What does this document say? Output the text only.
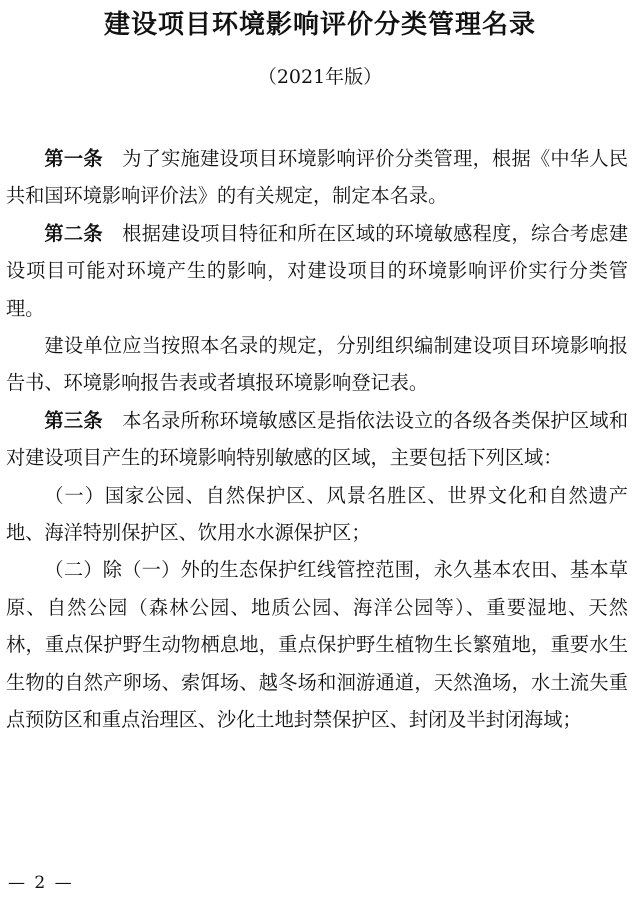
建设项目环境影响评价分类管理名录
（2021年版）

第一条 为了实施建设项目环境影响评价分类管理，根据《中华人民共和国环境影响评价法》的有关规定，制定本名录。

第二条 根据建设项目特征和所在区域的环境敏感程度，综合考虑建设项目可能对环境产生的影响，对建设项目的环境影响评价实行分类管理。

建设单位应当按照本名录的规定，分别组织编制建设项目环境影响报告书、环境影响报告表或者填报环境影响登记表。

第三条 本名录所称环境敏感区是指依法设立的各级各类保护区域和对建设项目产生的环境影响特别敏感的区域，主要包括下列区域：

（一）国家公园、自然保护区、风景名胜区、世界文化和自然遗产地、海洋特别保护区、饮用水水源保护区；

（二）除（一）外的生态保护红线管控范围，永久基本农田、基本草原、自然公园（森林公园、地质公园、海洋公园等）、重要湿地、天然林，重点保护野生动物栖息地，重点保护野生植物生长繁殖地，重要水生生物的自然产卵场、索饵场、越冬场和洄游通道，天然渔场，水土流失重点预防区和重点治理区、沙化土地封禁保护区、封闭及半封闭海域；

— 2 —
